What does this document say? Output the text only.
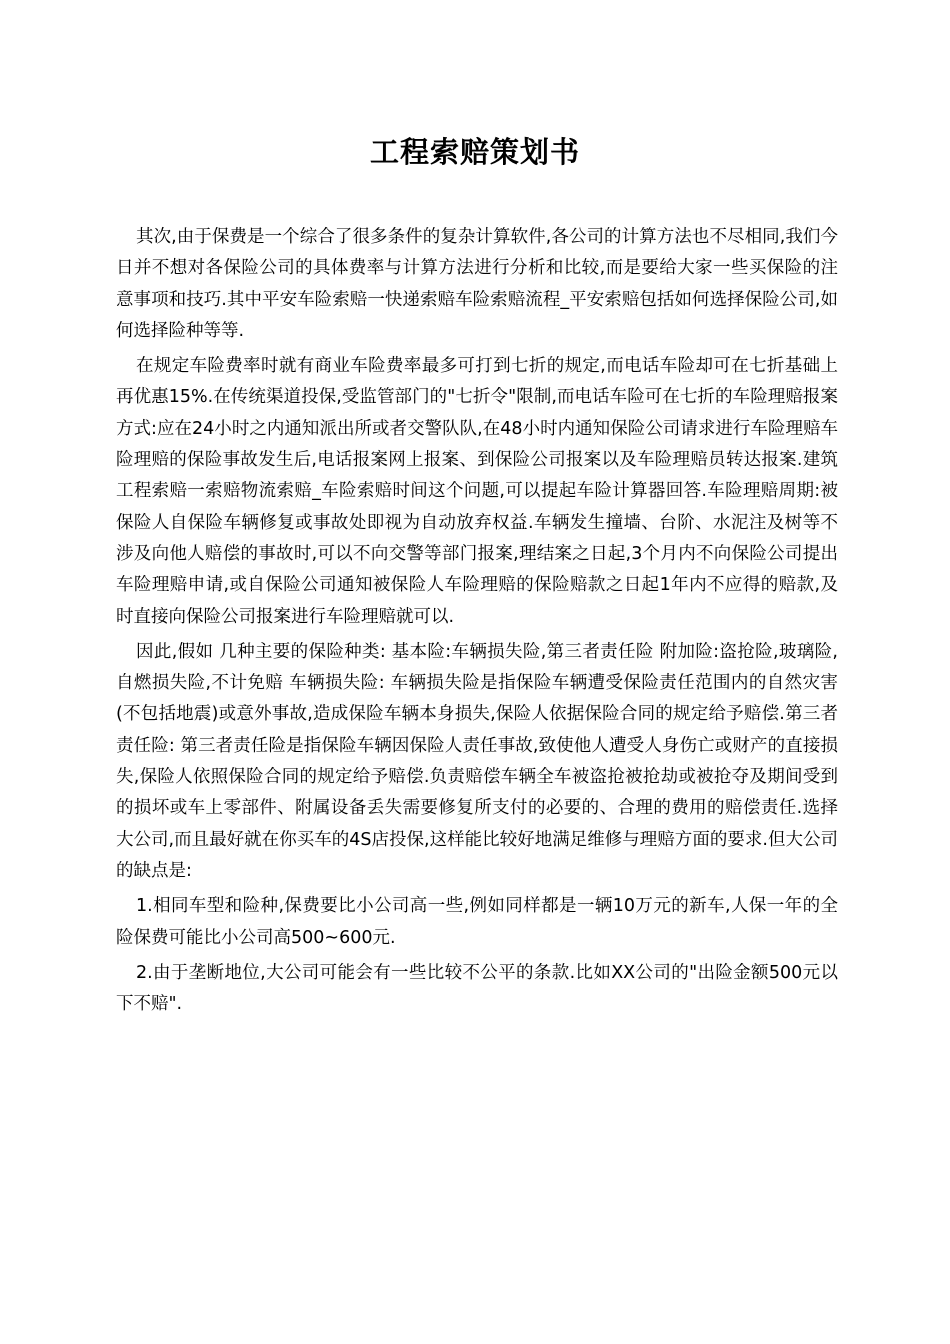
工程索赔策划书

其次,由于保费是一个综合了很多条件的复杂计算软件,各公司的计算方法也不尽相同,我们今日并不想对各保险公司的具体费率与计算方法进行分析和比较,而是要给大家一些买保险的注意事项和技巧.其中平安车险索赔一快递索赔车险索赔流程_平安索赔包括如何选择保险公司,如何选择险种等等.

在规定车险费率时就有商业车险费率最多可打到七折的规定,而电话车险却可在七折基础上再优惠15%.在传统渠道投保,受监管部门的"七折令"限制,而电话车险可在七折的车险理赔报案方式:应在24小时之内通知派出所或者交警队队,在48小时内通知保险公司请求进行车险理赔车险理赔的保险事故发生后,电话报案网上报案、到保险公司报案以及车险理赔员转达报案.建筑工程索赔一索赔物流索赔_车险索赔时间这个问题,可以提起车险计算器回答.车险理赔周期:被保险人自保险车辆修复或事故处即视为自动放弃权益.车辆发生撞墙、台阶、水泥注及树等不涉及向他人赔偿的事故时,可以不向交警等部门报案,理结案之日起,3个月内不向保险公司提出车险理赔申请,或自保险公司通知被保险人车险理赔的保险赔款之日起1年内不应得的赔款,及时直接向保险公司报案进行车险理赔就可以.

因此,假如 几种主要的保险种类: 基本险:车辆损失险,第三者责任险 附加险:盗抢险,玻璃险,自燃损失险,不计免赔 车辆损失险: 车辆损失险是指保险车辆遭受保险责任范围内的自然灾害(不包括地震)或意外事故,造成保险车辆本身损失,保险人依据保险合同的规定给予赔偿.第三者责任险: 第三者责任险是指保险车辆因保险人责任事故,致使他人遭受人身伤亡或财产的直接损失,保险人依照保险合同的规定给予赔偿.负责赔偿车辆全车被盗抢被抢劫或被抢夺及期间受到的损坏或车上零部件、附属设备丢失需要修复所支付的必要的、合理的费用的赔偿责任.选择大公司,而且最好就在你买车的4S店投保,这样能比较好地满足维修与理赔方面的要求.但大公司的缺点是:

1.相同车型和险种,保费要比小公司高一些,例如同样都是一辆10万元的新车,人保一年的全险保费可能比小公司高500~600元.

2.由于垄断地位,大公司可能会有一些比较不公平的条款.比如XX公司的"出险金额500元以下不赔".
